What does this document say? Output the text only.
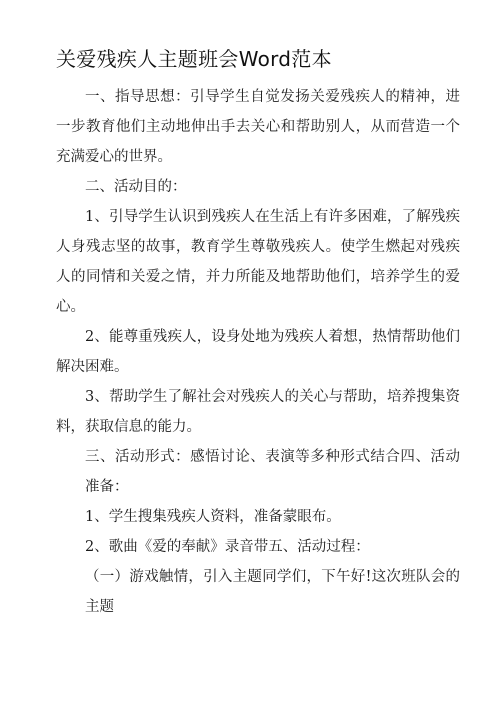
关爱残疾人主题班会Word范本

一、指导思想：引导学生自觉发扬关爱残疾人的精神，进一步教育他们主动地伸出手去关心和帮助别人，从而营造一个充满爱心的世界。

二、活动目的：

1、引导学生认识到残疾人在生活上有许多困难，了解残疾人身残志坚的故事，教育学生尊敬残疾人。使学生燃起对残疾人的同情和关爱之情，并力所能及地帮助他们，培养学生的爱心。

2、能尊重残疾人，设身处地为残疾人着想，热情帮助他们解决困难。

3、帮助学生了解社会对残疾人的关心与帮助，培养搜集资料，获取信息的能力。

三、活动形式：感悟讨论、表演等多种形式结合四、活动准备：

1、学生搜集残疾人资料，准备蒙眼布。

2、歌曲《爱的奉献》录音带五、活动过程：

（一）游戏触情，引入主题同学们，下午好!这次班队会的主题
